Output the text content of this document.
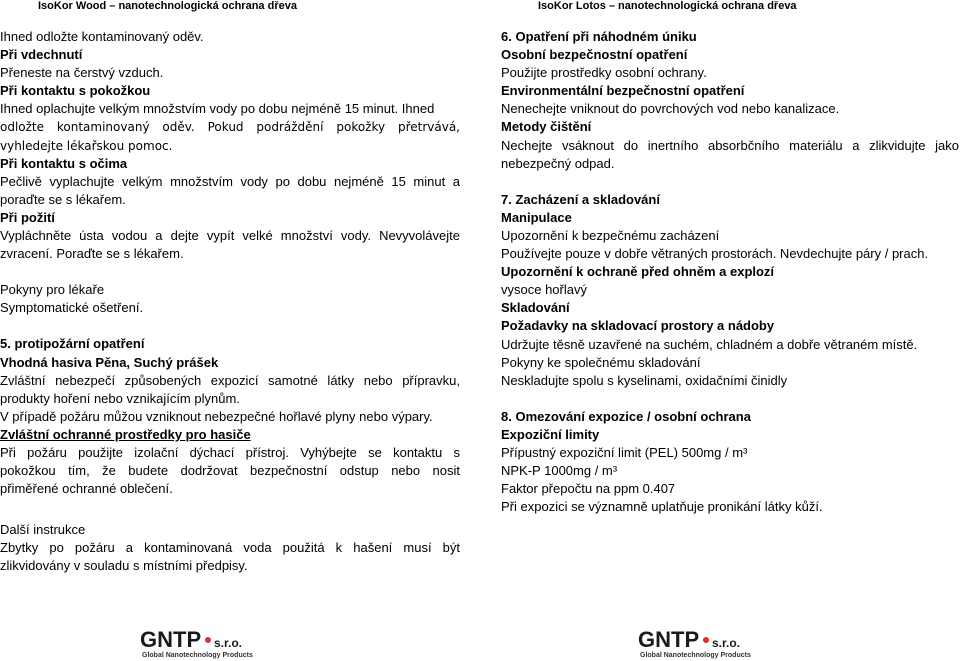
IsoKor Wood – nanotechnologická ochrana dřeva	IsoKor Lotos – nanotechnologická ochrana dřeva
Ihned odložte kontaminovaný oděv.
Při vdechnutí
Přeneste na čerstvý vzduch.
Při kontaktu s pokožkou
Ihned oplachujte velkým množstvím vody po dobu nejméně 15 minut. Ihned
odložte kontaminovaný oděv. Pokud podráždění pokožky přetrvává,
vyhledejte lékařskou pomoc.
Při kontaktu s očima
Pečlivě vyplachujte velkým množstvím vody po dobu nejméně 15 minut a
poraďte se s lékařem.
Při požití
Vypláchněte ústa vodou a dejte vypít velké množství vody. Nevyvolávejte
zvracení. Poraďte se s lékařem.
Pokyny pro lékaře
Symptomatické ošetření.
5. protipožární opatření
Vhodná hasiva Pěna, Suchý prášek
Zvláštní nebezpečí způsobených expozicí samotné látky nebo přípravku,
produkty hoření nebo vznikajícím plynům.
V případě požáru můžou vzniknout nebezpečné hořlavé plyny nebo výpary.
Zvláštní ochranné prostředky pro hasiče
Při požáru použijte izolační dýchací přístroj. Vyhýbejte se kontaktu s
pokožkou tím, že budete dodržovat bezpečnostní odstup nebo nosit
přiměřené ochranné oblečení.
Další instrukce
Zbytky po požáru a kontaminovaná voda použitá k hašení musí být
zlikvidovány v souladu s místními předpisy.
6. Opatření při náhodném úniku
Osobní bezpečnostní opatření
Použijte prostředky osobní ochrany.
Environmentální bezpečnostní opatření
Nenechejte vniknout do povrchových vod nebo kanalizace.
Metody čištění
Nechejte vsáknout do inertního absorbčního materiálu a zlikvidujte jako
nebezpečný odpad.
7. Zacházení a skladování
Manipulace
Upozornění k bezpečnému zacházení
Používejte pouze v dobře větraných prostorách. Nevdechujte páry / prach.
Upozornění k ochraně před ohněm a explozí
vysoce hořlavý
Skladování
Požadavky na skladovací prostory a nádoby
Udržujte těsně uzavřené na suchém, chladném a dobře větraném místě.
Pokyny ke společnému skladování
Neskladujte spolu s kyselinami, oxidačními činidly
8. Omezování expozice / osobní ochrana
Expoziční limity
Přípustný expoziční limit (PEL) 500mg / m³
NPK-P 1000mg / m³
Faktor přepočtu na ppm 0.407
Při expozici se významně uplatňuje pronikání látky kůží.
GNTP s.r.o.
Global Nanotechnology Products
GNTP s.r.o.
Global Nanotechnology Products
